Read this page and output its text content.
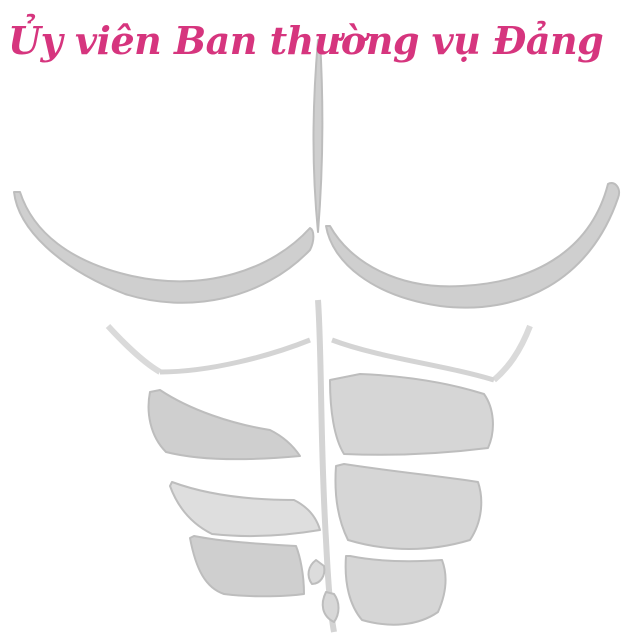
Ủy viên Ban thường vụ Đảng
